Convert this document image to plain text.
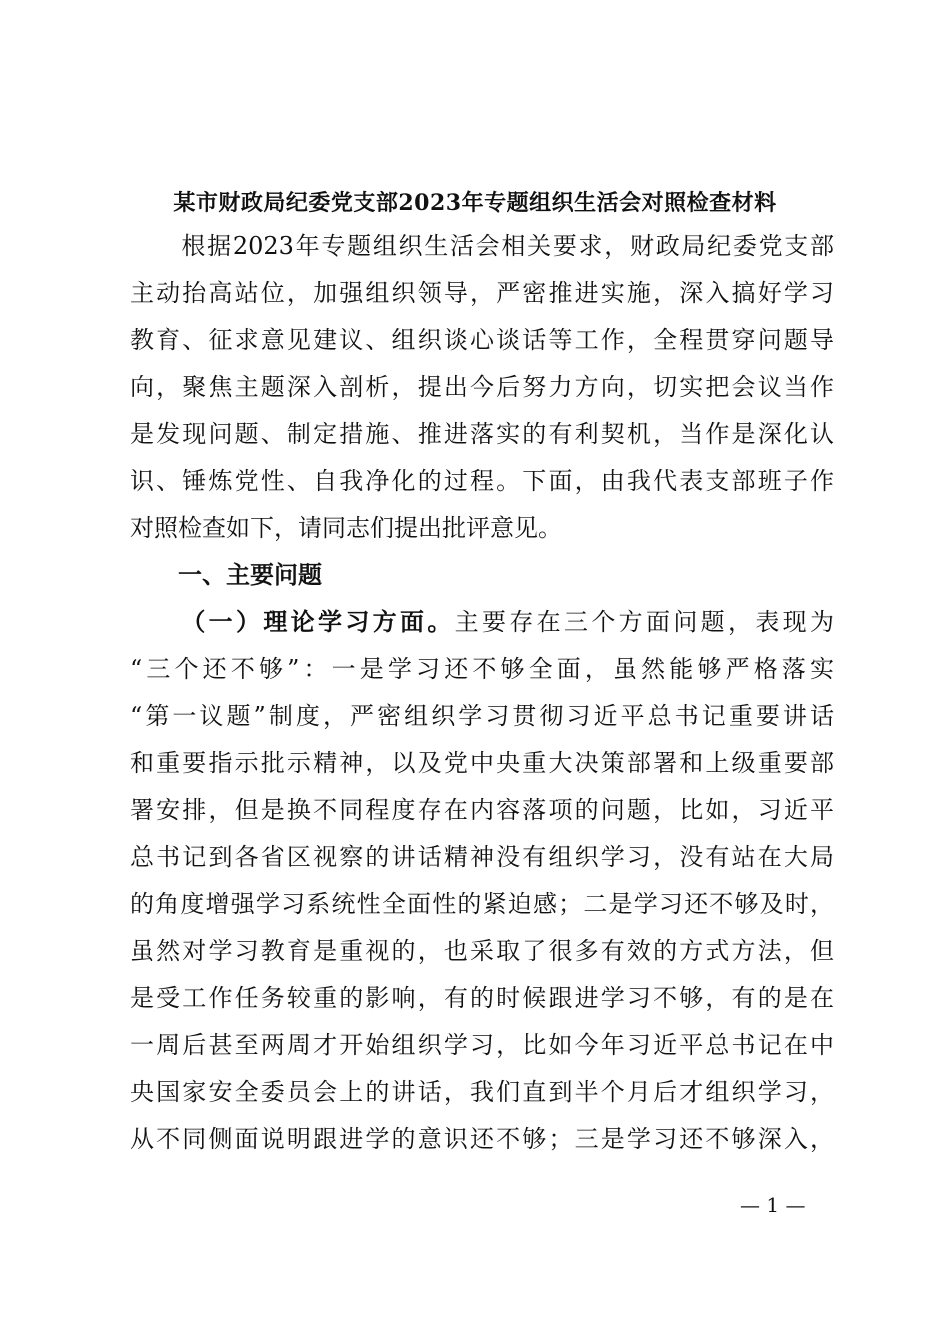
某市财政局纪委党支部2023年专题组织生活会对照检查材料
　　根据2023年专题组织生活会相关要求，财政局纪委党支部
主动抬高站位，加强组织领导，严密推进实施，深入搞好学习
教育、征求意见建议、组织谈心谈话等工作，全程贯穿问题导
向，聚焦主题深入剖析，提出今后努力方向，切实把会议当作
是发现问题、制定措施、推进落实的有利契机，当作是深化认
识、锤炼党性、自我净化的过程。下面，由我代表支部班子作
对照检查如下，请同志们提出批评意见。
一、主要问题
（一）理论学习方面。主要存在三个方面问题，表现为
“三个还不够”：一是学习还不够全面，虽然能够严格落实
“第一议题”制度，严密组织学习贯彻习近平总书记重要讲话
和重要指示批示精神，以及党中央重大决策部署和上级重要部
署安排，但是换不同程度存在内容落项的问题，比如，习近平
总书记到各省区视察的讲话精神没有组织学习，没有站在大局
的角度增强学习系统性全面性的紧迫感；二是学习还不够及时，
虽然对学习教育是重视的，也采取了很多有效的方式方法，但
是受工作任务较重的影响，有的时候跟进学习不够，有的是在
一周后甚至两周才开始组织学习，比如今年习近平总书记在中
央国家安全委员会上的讲话，我们直到半个月后才组织学习，
从不同侧面说明跟进学的意识还不够；三是学习还不够深入，
— 1 —
